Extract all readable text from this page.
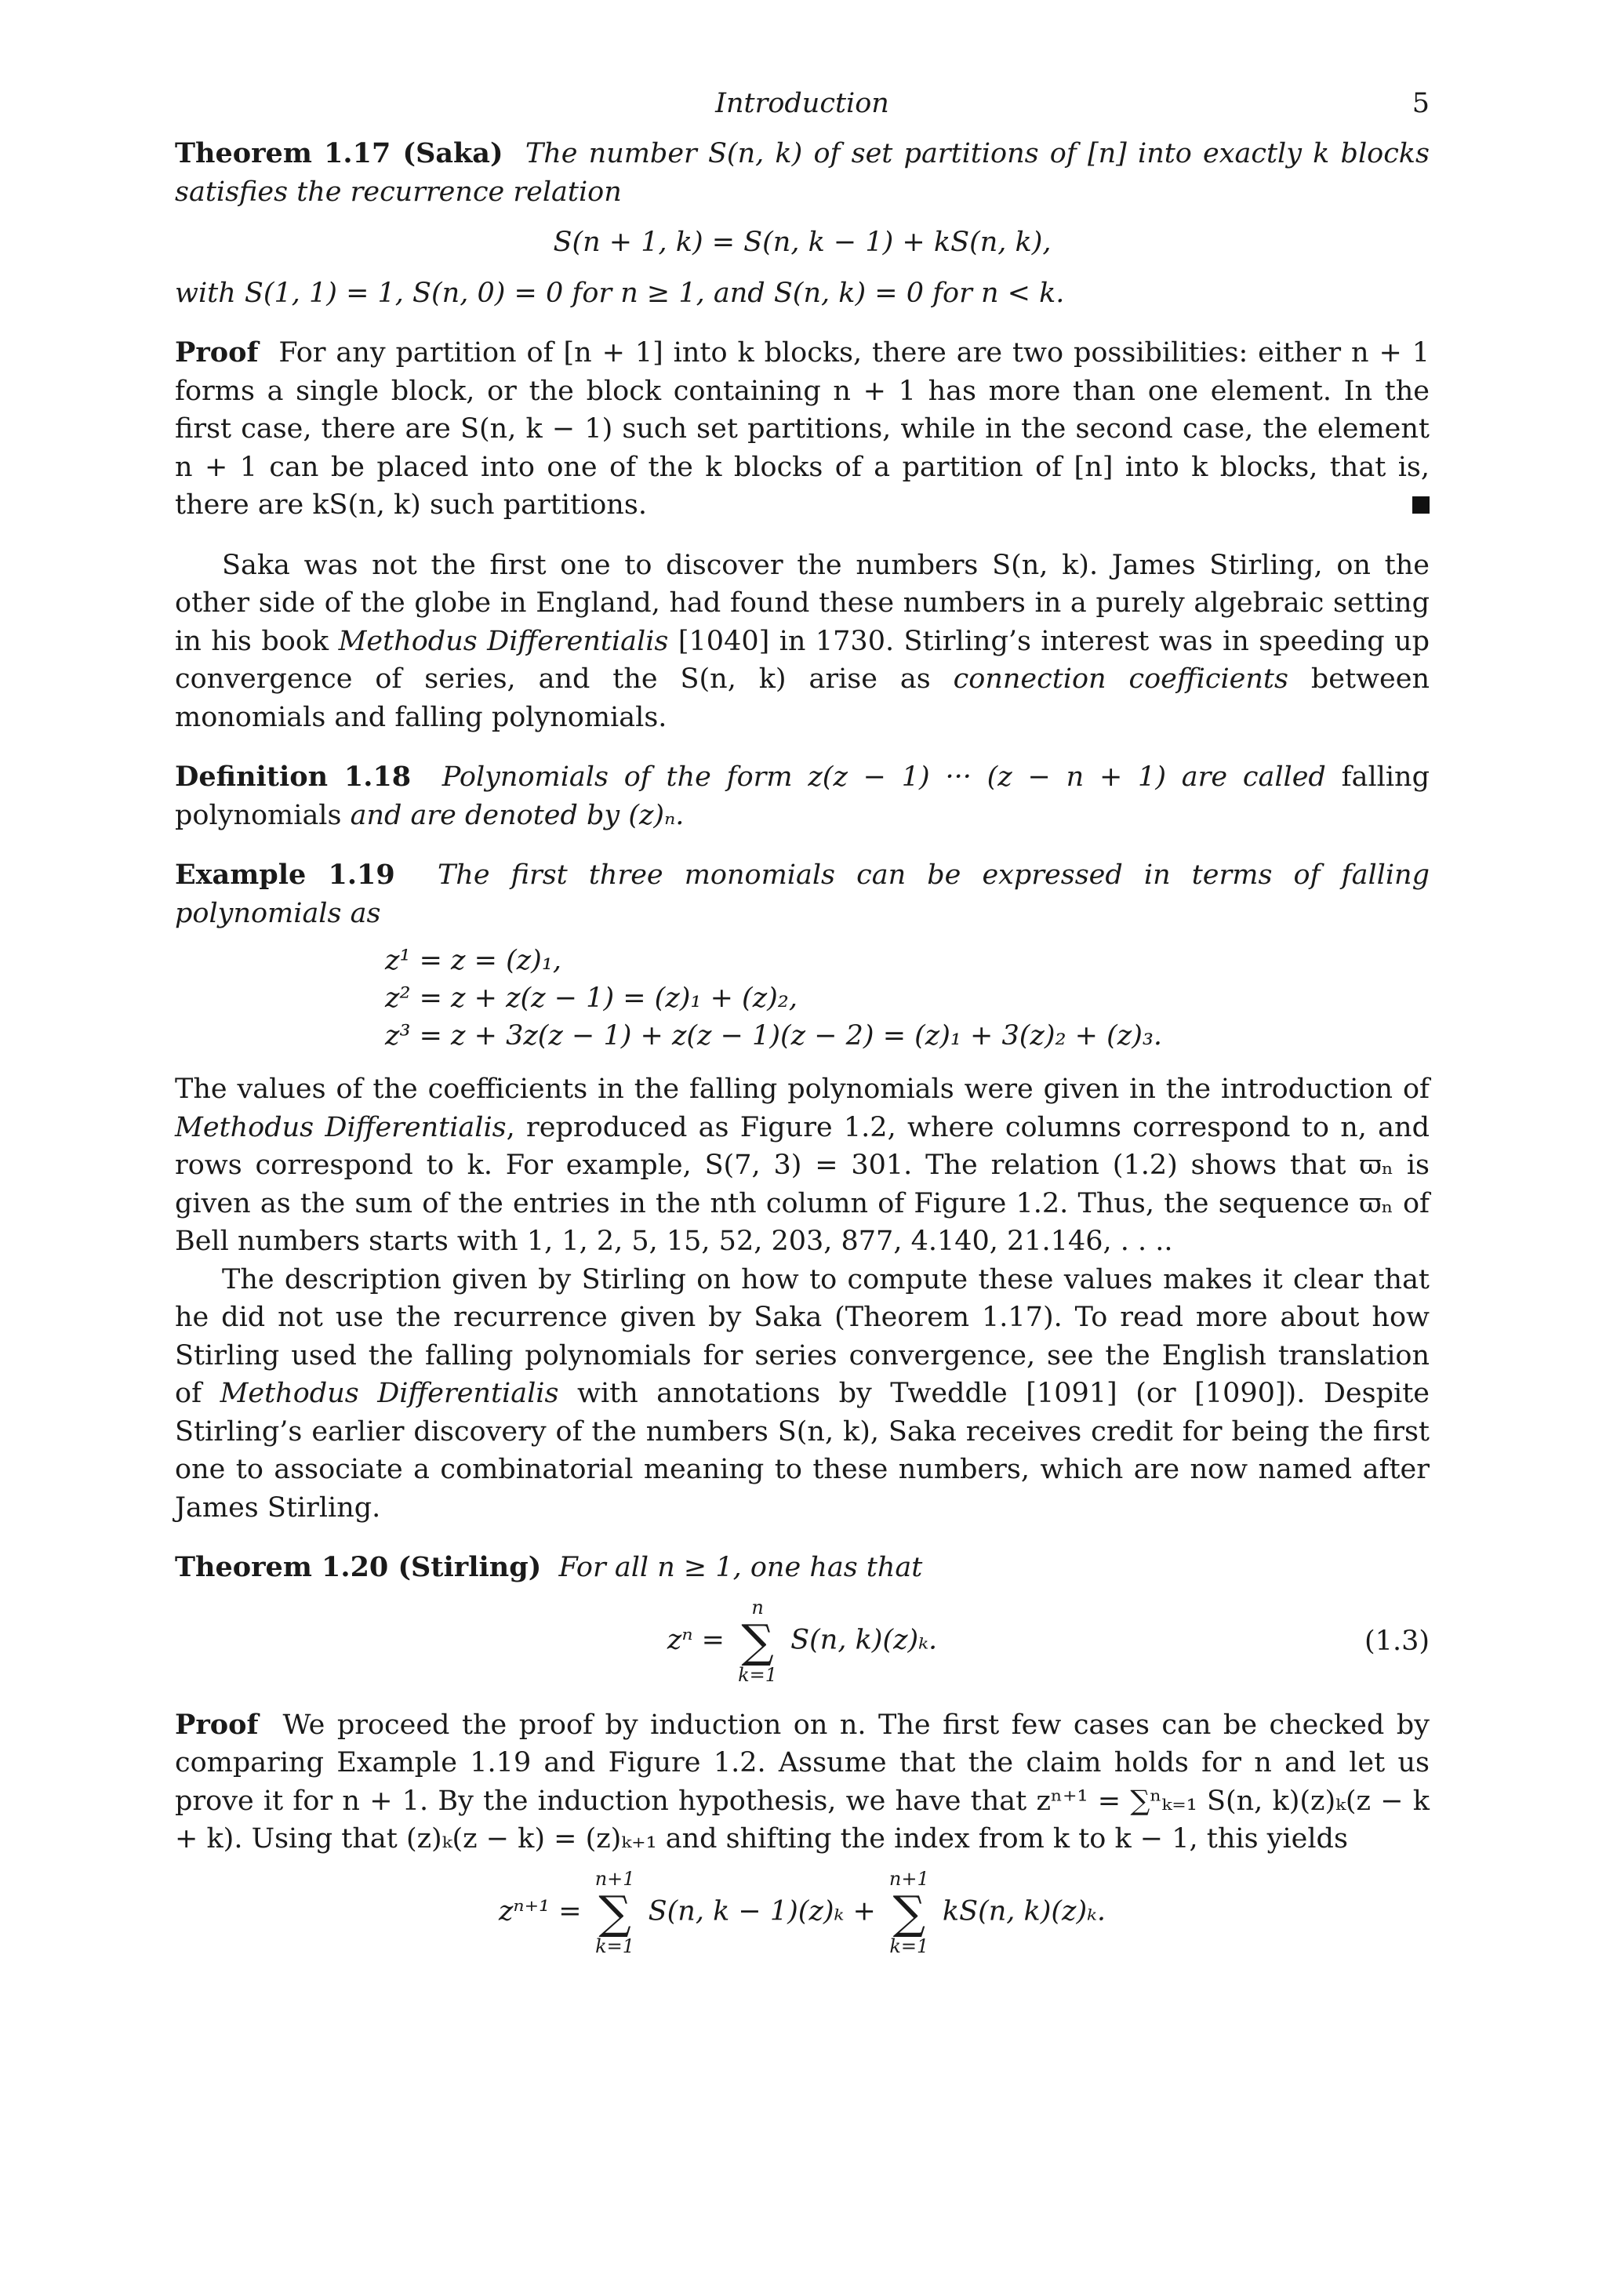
Introduction	5

Theorem 1.17 (Saka) The number S(n, k) of set partitions of [n] into exactly k blocks satisfies the recurrence relation

S(n + 1, k) = S(n, k − 1) + kS(n, k),

with S(1, 1) = 1, S(n, 0) = 0 for n ≥ 1, and S(n, k) = 0 for n < k.

Proof For any partition of [n + 1] into k blocks, there are two possibilities: either n + 1 forms a single block, or the block containing n + 1 has more than one element. In the first case, there are S(n, k − 1) such set partitions, while in the second case, the element n + 1 can be placed into one of the k blocks of a partition of [n] into k blocks, that is, there are kS(n, k) such partitions.

Saka was not the first one to discover the numbers S(n, k). James Stirling, on the other side of the globe in England, had found these numbers in a purely algebraic setting in his book Methodus Differentialis [1040] in 1730. Stirling’s interest was in speeding up convergence of series, and the S(n, k) arise as connection coefficients between monomials and falling polynomials.

Definition 1.18 Polynomials of the form z(z − 1) ··· (z − n + 1) are called falling polynomials and are denoted by (z)ₙ.

Example 1.19 The first three monomials can be expressed in terms of falling polynomials as

z¹ = z = (z)₁,
z² = z + z(z − 1) = (z)₁ + (z)₂,
z³ = z + 3z(z − 1) + z(z − 1)(z − 2) = (z)₁ + 3(z)₂ + (z)₃.

The values of the coefficients in the falling polynomials were given in the introduction of Methodus Differentialis, reproduced as Figure 1.2, where columns correspond to n, and rows correspond to k. For example, S(7, 3) = 301. The relation (1.2) shows that ϖₙ is given as the sum of the entries in the nth column of Figure 1.2. Thus, the sequence ϖₙ of Bell numbers starts with 1, 1, 2, 5, 15, 52, 203, 877, 4.140, 21.146, . . ..

The description given by Stirling on how to compute these values makes it clear that he did not use the recurrence given by Saka (Theorem 1.17). To read more about how Stirling used the falling polynomials for series convergence, see the English translation of Methodus Differentialis with annotations by Tweddle [1091] (or [1090]). Despite Stirling’s earlier discovery of the numbers S(n, k), Saka receives credit for being the first one to associate a combinatorial meaning to these numbers, which are now named after James Stirling.

Theorem 1.20 (Stirling) For all n ≥ 1, one has that

zⁿ =
n
∑
k=1
S(n, k)(z)ₖ.	(1.3)

Proof We proceed the proof by induction on n. The first few cases can be checked by comparing Example 1.19 and Figure 1.2. Assume that the claim holds for n and let us prove it for n + 1. By the induction hypothesis, we have that zⁿ⁺¹ = ∑ⁿₖ₌₁ S(n, k)(z)ₖ(z − k + k). Using that (z)ₖ(z − k) = (z)ₖ₊₁ and shifting the index from k to k − 1, this yields

zⁿ⁺¹ =
n+1
∑
k=1
S(n, k − 1)(z)ₖ +
n+1
∑
k=1
kS(n, k)(z)ₖ.
